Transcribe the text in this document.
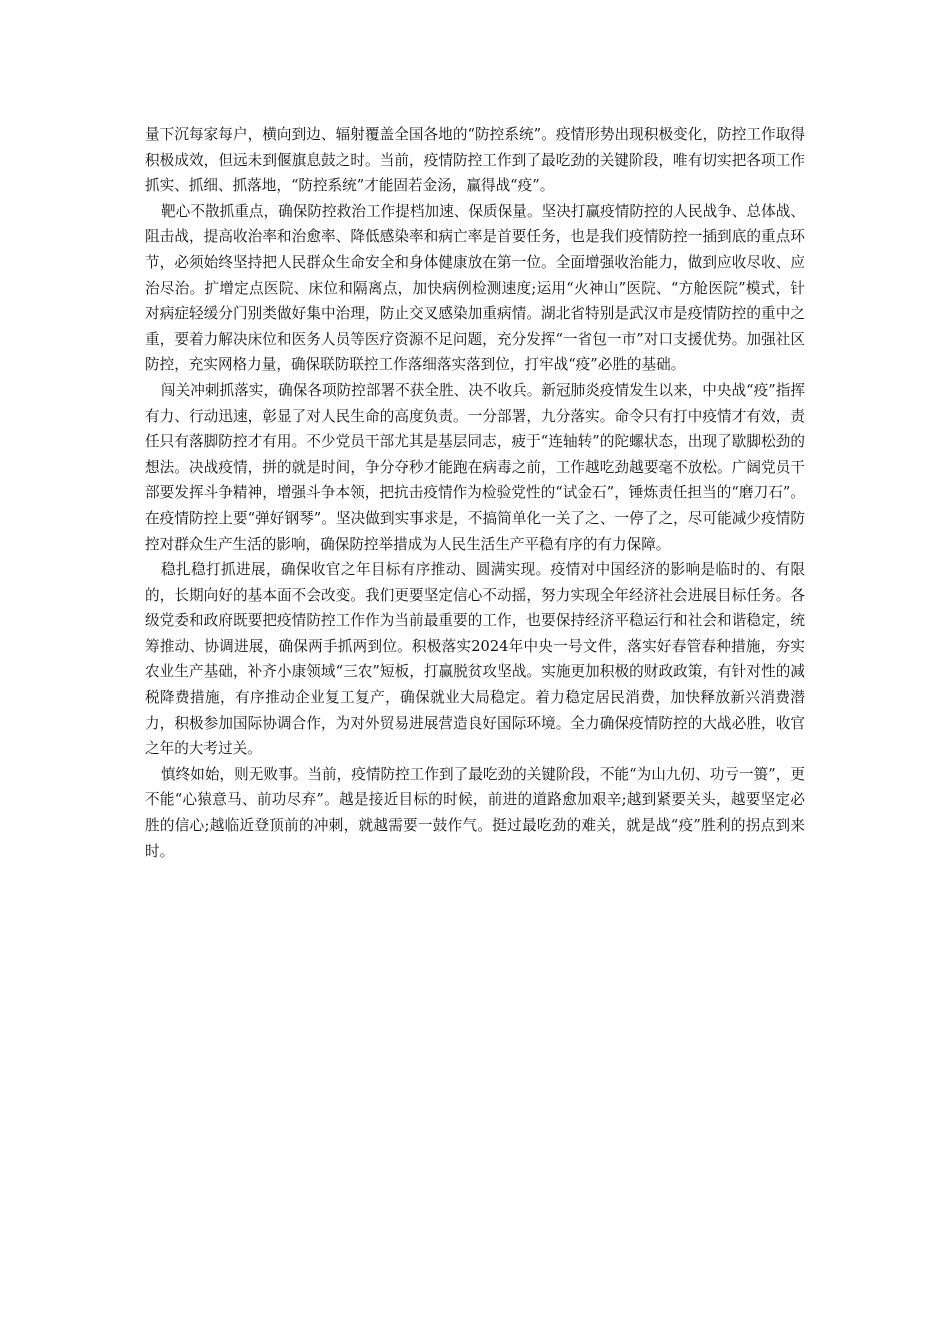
量下沉每家每户，横向到边、辐射覆盖全国各地的“防控系统”。疫情形势出现积极变化，防控工作取得积极成效，但远未到偃旗息鼓之时。当前，疫情防控工作到了最吃劲的关键阶段，唯有切实把各项工作抓实、抓细、抓落地，“防控系统”才能固若金汤，赢得战“疫”。

靶心不散抓重点，确保防控救治工作提档加速、保质保量。坚决打赢疫情防控的人民战争、总体战、阻击战，提高收治率和治愈率、降低感染率和病亡率是首要任务，也是我们疫情防控一插到底的重点环节，必须始终坚持把人民群众生命安全和身体健康放在第一位。全面增强收治能力，做到应收尽收、应治尽治。扩增定点医院、床位和隔离点，加快病例检测速度;运用“火神山”医院、“方舱医院”模式，针对病症轻缓分门别类做好集中治理，防止交叉感染加重病情。湖北省特别是武汉市是疫情防控的重中之重，要着力解决床位和医务人员等医疗资源不足问题，充分发挥“一省包一市”对口支援优势。加强社区防控，充实网格力量，确保联防联控工作落细落实落到位，打牢战“疫”必胜的基础。

闯关冲刺抓落实，确保各项防控部署不获全胜、决不收兵。新冠肺炎疫情发生以来，中央战“疫”指挥有力、行动迅速，彰显了对人民生命的高度负责。一分部署，九分落实。命令只有打中疫情才有效，责任只有落脚防控才有用。不少党员干部尤其是基层同志，疲于“连轴转”的陀螺状态，出现了歇脚松劲的想法。决战疫情，拼的就是时间，争分夺秒才能跑在病毒之前，工作越吃劲越要毫不放松。广阔党员干部要发挥斗争精神，增强斗争本领，把抗击疫情作为检验党性的“试金石”，锤炼责任担当的“磨刀石”。在疫情防控上要“弹好钢琴”。坚决做到实事求是，不搞简单化一关了之、一停了之，尽可能减少疫情防控对群众生产生活的影响，确保防控举措成为人民生活生产平稳有序的有力保障。

稳扎稳打抓进展，确保收官之年目标有序推动、圆满实现。疫情对中国经济的影响是临时的、有限的，长期向好的基本面不会改变。我们更要坚定信心不动摇，努力实现全年经济社会进展目标任务。各级党委和政府既要把疫情防控工作作为当前最重要的工作，也要保持经济平稳运行和社会和谐稳定，统筹推动、协调进展，确保两手抓两到位。积极落实2024年中央一号文件，落实好春管春种措施，夯实农业生产基础，补齐小康领域“三农”短板，打赢脱贫攻坚战。实施更加积极的财政政策，有针对性的减税降费措施，有序推动企业复工复产，确保就业大局稳定。着力稳定居民消费，加快释放新兴消费潜力，积极参加国际协调合作，为对外贸易进展营造良好国际环境。全力确保疫情防控的大战必胜，收官之年的大考过关。

慎终如始，则无败事。当前，疫情防控工作到了最吃劲的关键阶段，不能“为山九仞、功亏一篑”，更不能“心猿意马、前功尽弃”。越是接近目标的时候，前进的道路愈加艰辛;越到紧要关头，越要坚定必胜的信心;越临近登顶前的冲刺，就越需要一鼓作气。挺过最吃劲的难关，就是战“疫”胜利的拐点到来时。
